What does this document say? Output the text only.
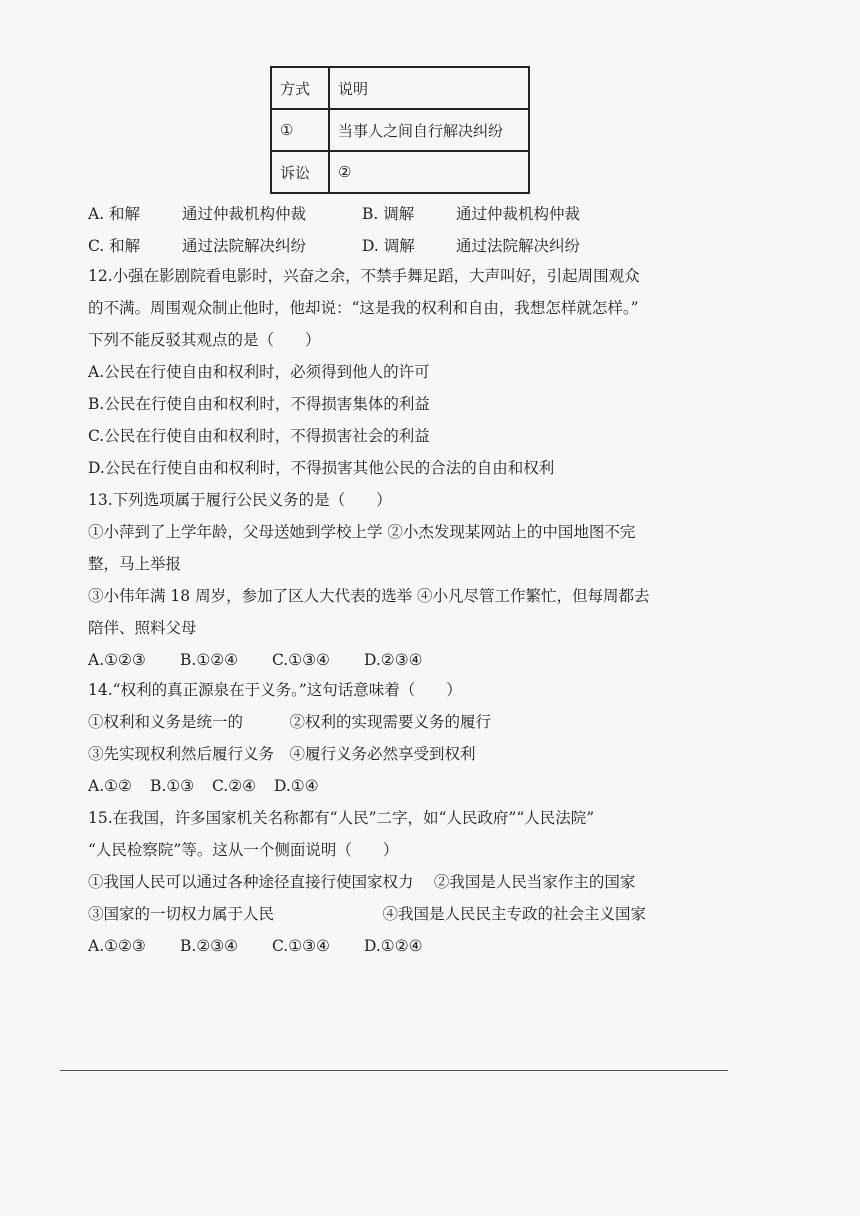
方式	说明
①	当事人之间自行解决纠纷
诉讼	②
A. 和解	通过仲裁机构仲裁	B. 调解	通过仲裁机构仲裁
C. 和解	通过法院解决纠纷	D. 调解	通过法院解决纠纷
12.小强在影剧院看电影时，兴奋之余，不禁手舞足蹈，大声叫好，引起周围观众
的不满。周围观众制止他时，他却说：“这是我的权利和自由，我想怎样就怎样。”
下列不能反驳其观点的是（　　）
A.公民在行使自由和权利时，必须得到他人的许可
B.公民在行使自由和权利时，不得损害集体的利益
C.公民在行使自由和权利时，不得损害社会的利益
D.公民在行使自由和权利时，不得损害其他公民的合法的自由和权利
13.下列选项属于履行公民义务的是（　　）
①小萍到了上学年龄，父母送她到学校上学 ②小杰发现某网站上的中国地图不完
整，马上举报
③小伟年满 18 周岁，参加了区人大代表的选举 ④小凡尽管工作繁忙，但每周都去
陪伴、照料父母
A.①②③ B.①②④ C.①③④ D.②③④
14.“权利的真正源泉在于义务。”这句话意味着（　　）
①权利和义务是统一的　　　②权利的实现需要义务的履行
③先实现权利然后履行义务　④履行义务必然享受到权利
A.①② B.①③ C.②④ D.①④
15.在我国，许多国家机关名称都有“人民”二字，如“人民政府”“人民法院”
“人民检察院”等。这从一个侧面说明（　　）
①我国人民可以通过各种途径直接行使国家权力　 ②我国是人民当家作主的国家
③国家的一切权力属于人民　　　　　　　④我国是人民民主专政的社会主义国家
A.①②③ B.②③④ C.①③④ D.①②④
